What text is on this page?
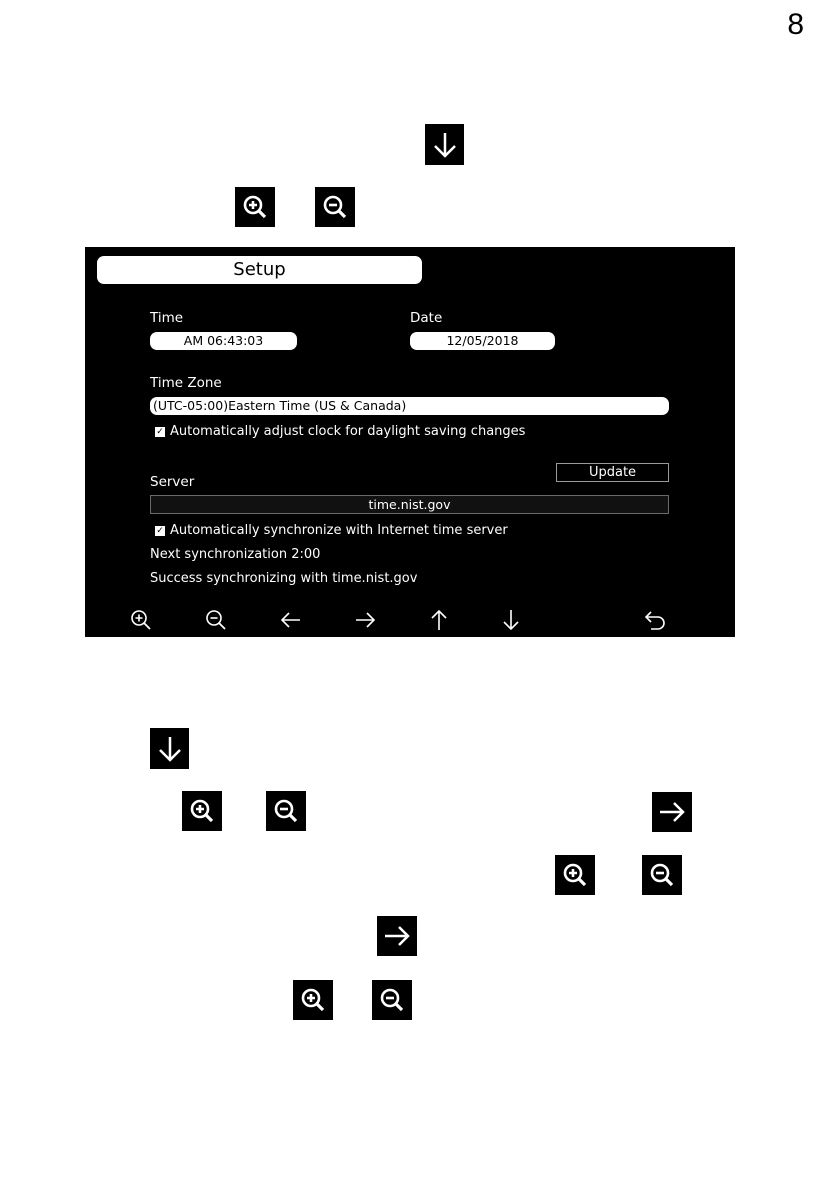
8
Setup
Time
AM 06:43:03
Date
12/05/2018
Time Zone
(UTC-05:00)Eastern Time (US & Canada)
✓ Automatically adjust clock for daylight saving changes
Update
Server
time.nist.gov
✓ Automatically synchronize with Internet time server
Next synchronization 2:00
Success synchronizing with time.nist.gov
